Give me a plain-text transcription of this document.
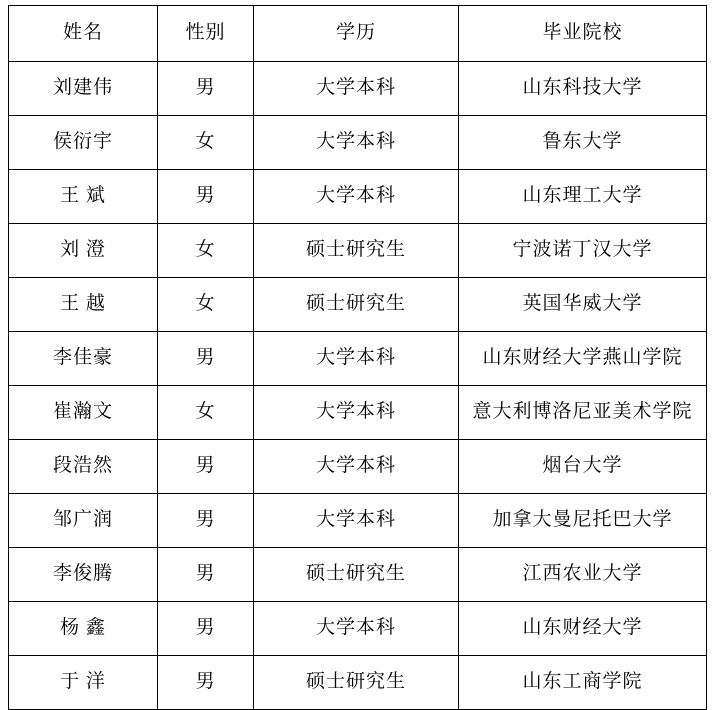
姓名	性别	学历	毕业院校

刘建伟	男	大学本科	山东科技大学

侯衍宇	女	大学本科	鲁东大学

王 斌	男	大学本科	山东理工大学

刘 澄	女	硕士研究生	宁波诺丁汉大学

王 越	女	硕士研究生	英国华威大学

李佳豪	男	大学本科	山东财经大学燕山学院

崔瀚文	女	大学本科	意大利博洛尼亚美术学院

段浩然	男	大学本科	烟台大学

邹广润	男	大学本科	加拿大曼尼托巴大学

李俊腾	男	硕士研究生	江西农业大学

杨 鑫	男	大学本科	山东财经大学

于 洋	男	硕士研究生	山东工商学院
